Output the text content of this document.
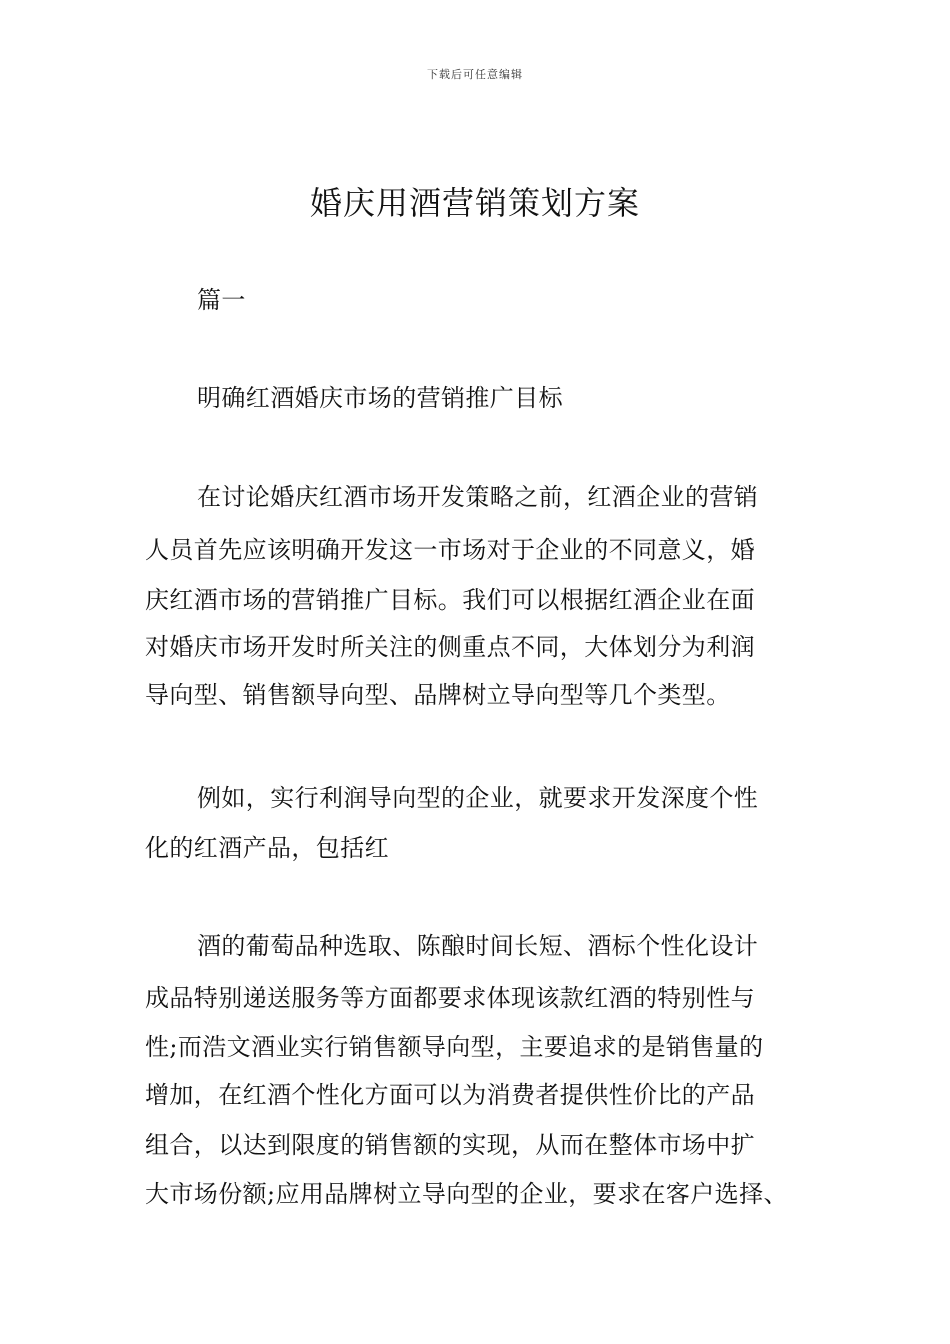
下载后可任意编辑
婚庆用酒营销策划方案
篇一
明确红酒婚庆市场的营销推广目标
在讨论婚庆红酒市场开发策略之前，红酒企业的营销
人员首先应该明确开发这一市场对于企业的不同意义，婚
庆红酒市场的营销推广目标。我们可以根据红酒企业在面
对婚庆市场开发时所关注的侧重点不同，大体划分为利润
导向型、销售额导向型、品牌树立导向型等几个类型。
例如，实行利润导向型的企业，就要求开发深度个性
化的红酒产品，包括红
酒的葡萄品种选取、陈酿时间长短、酒标个性化设计
成品特别递送服务等方面都要求体现该款红酒的特别性与
性;而浩文酒业实行销售额导向型，主要追求的是销售量的
增加，在红酒个性化方面可以为消费者提供性价比的产品
组合，以达到限度的销售额的实现，从而在整体市场中扩
大市场份额;应用品牌树立导向型的企业，要求在客户选择、
